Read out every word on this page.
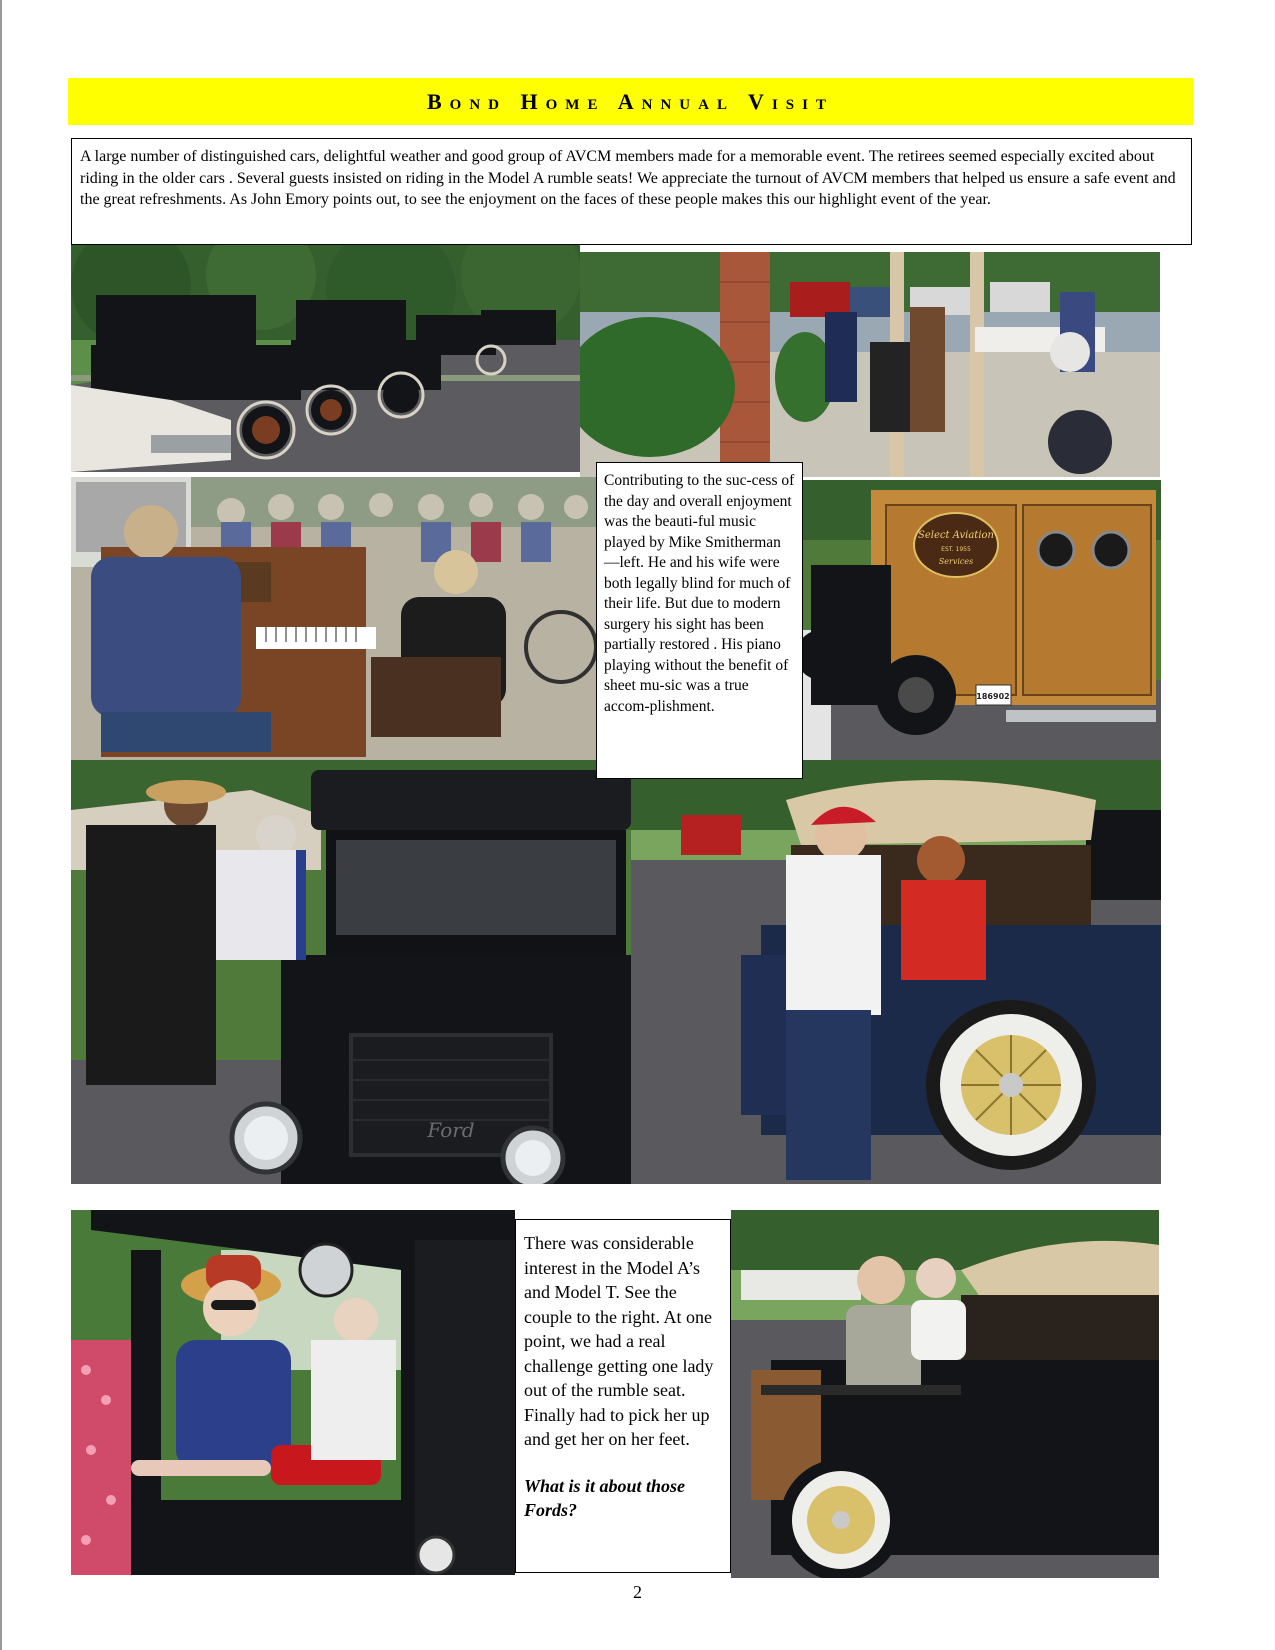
Bond Home Annual Visit
A large number of distinguished cars, delightful weather and good group of AVCM members made for a memorable event. The retirees seemed especially excited about riding in the older cars . Several guests insisted on riding in the Model A rumble seats! We appreciate the turnout of AVCM members that helped us ensure a safe event and the great refreshments. As John Emory points out, to see the enjoyment on the faces of these people makes this our highlight event of the year.
Select Aviation
EST. 1955
Services
186902
Ford
Contributing to the suc-cess of the day and overall enjoyment was the beauti-ful music played by Mike Smitherman—left. He and his wife were both legally blind for much of their life. But due to modern surgery his sight has been partially restored . His piano playing without the benefit of sheet mu-sic was a true accom-plishment.

There was considerable interest in the Model A’s and Model T. See the couple to the right. At one point, we had a real challenge getting one lady out of the rumble seat. Finally had to pick her up and get her on her feet.

What is it about those Fords?

2
